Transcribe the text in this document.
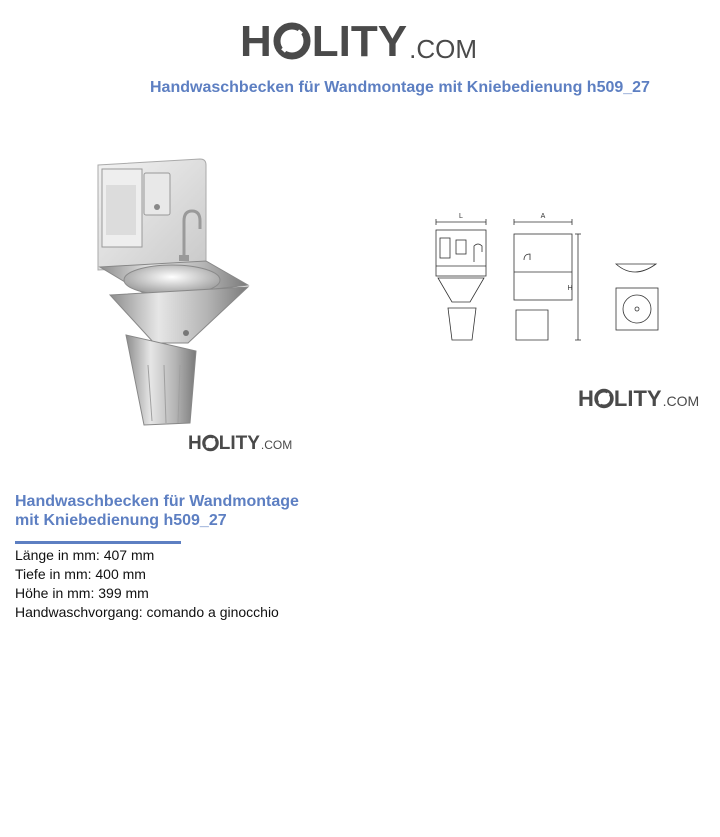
H LITY .COM
Handwaschbecken für Wandmontage mit Kniebedienung h509_27
H LITY .COM
L	A
H
H LITY .COM
Handwaschbecken für Wandmontage
mit Kniebedienung h509_27
Länge in mm: 407 mm
Tiefe in mm: 400 mm
Höhe in mm: 399 mm
Handwaschvorgang: comando a ginocchio
